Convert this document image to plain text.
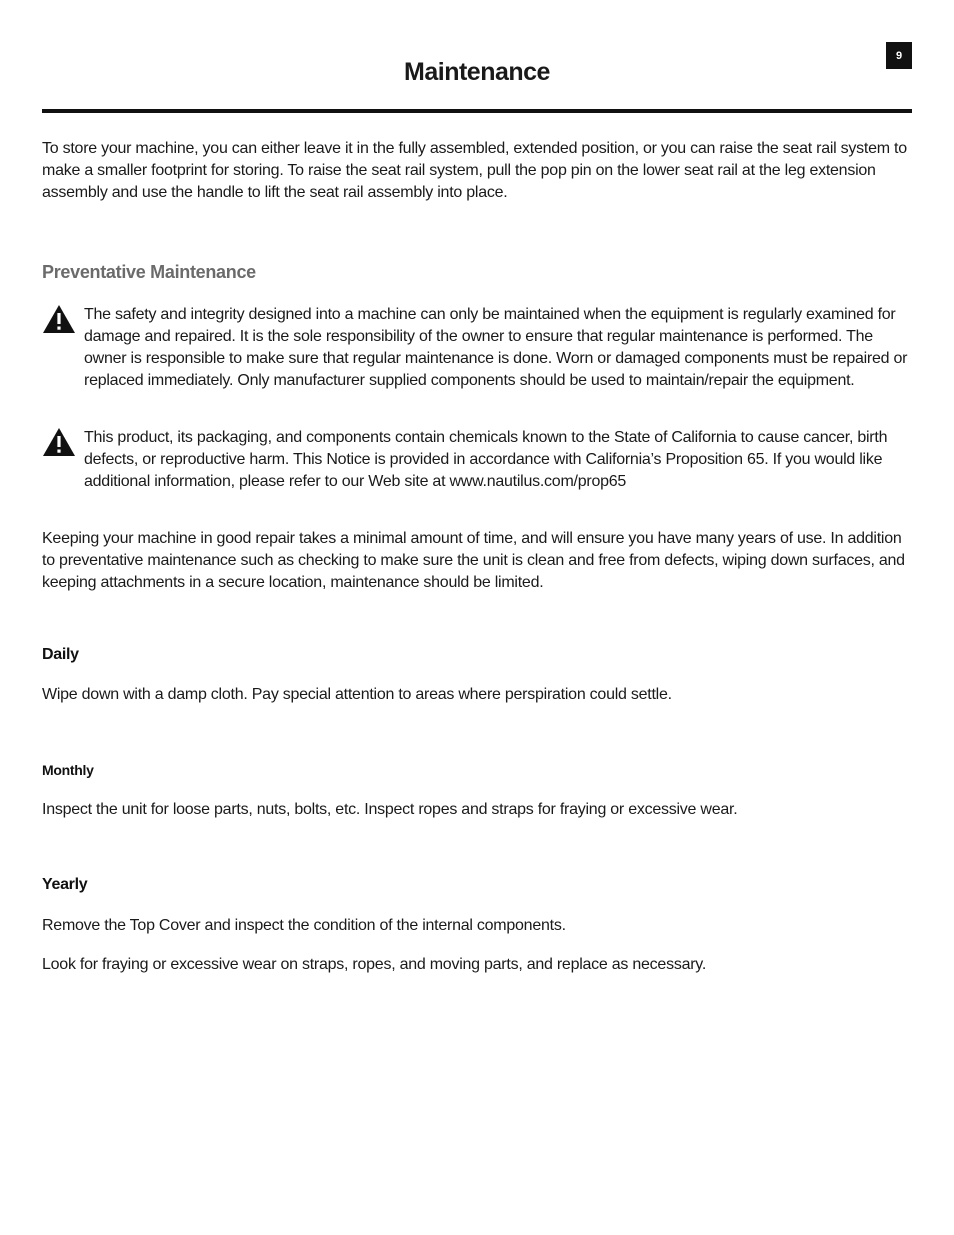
9
Maintenance

To store your machine, you can either leave it in the fully assembled, extended position, or you can raise the seat rail system to make a smaller footprint for storing. To raise the seat rail system, pull the pop pin on the lower seat rail at the leg extension assembly and use the handle to lift the seat rail assembly into place.

Preventative Maintenance

The safety and integrity designed into a machine can only be maintained when the equipment is regularly examined for damage and repaired. It is the sole responsibility of the owner to ensure that regular maintenance is performed. The owner is responsible to make sure that regular maintenance is done. Worn or damaged components must be repaired or replaced immediately. Only manufacturer supplied components should be used to maintain/repair the equipment.

This product, its packaging, and components contain chemicals known to the State of California to cause cancer, birth defects, or reproductive harm. This Notice is provided in accordance with California’s Proposition 65. If you would like additional information, please refer to our Web site at www.nautilus.com/prop65

Keeping your machine in good repair takes a minimal amount of time, and will ensure you have many years of use. In addition to preventative maintenance such as checking to make sure the unit is clean and free from defects, wiping down surfaces, and keeping attachments in a secure location, maintenance should be limited.

Daily

Wipe down with a damp cloth. Pay special attention to areas where perspiration could settle.

Monthly

Inspect the unit for loose parts, nuts, bolts, etc. Inspect ropes and straps for fraying or excessive wear.

Yearly

Remove the Top Cover and inspect the condition of the internal components.

Look for fraying or excessive wear on straps, ropes, and moving parts, and replace as necessary.
